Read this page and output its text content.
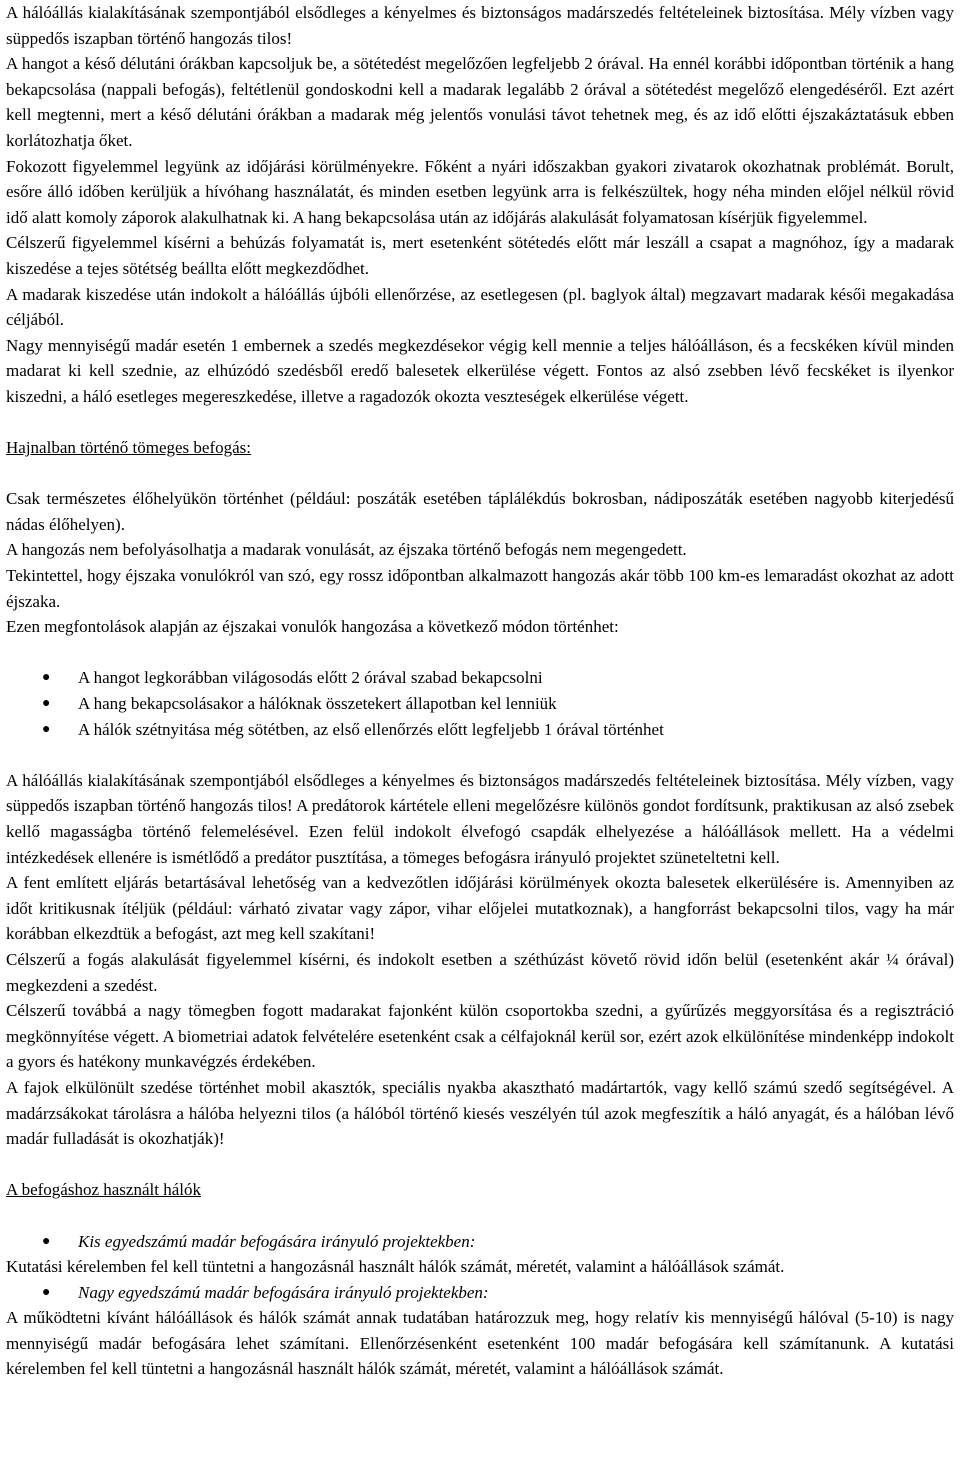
A hálóállás kialakításának szempontjából elsődleges a kényelmes és biztonságos madárszedés feltételeinek biztosítása. Mély vízben vagy süppedős iszapban történő hangozás tilos!

A hangot a késő délutáni órákban kapcsoljuk be, a sötétedést megelőzően legfeljebb 2 órával. Ha ennél korábbi időpontban történik a hang bekapcsolása (nappali befogás), feltétlenül gondoskodni kell a madarak legalább 2 órával a sötétedést megelőző elengedéséről. Ezt azért kell megtenni, mert a késő délutáni órákban a madarak még jelentős vonulási távot tehetnek meg, és az idő előtti éjszakáztatásuk ebben korlátozhatja őket.

Fokozott figyelemmel legyünk az időjárási körülményekre. Főként a nyári időszakban gyakori zivatarok okozhatnak problémát. Borult, esőre álló időben kerüljük a hívóhang használatát, és minden esetben legyünk arra is felkészültek, hogy néha minden előjel nélkül rövid idő alatt komoly záporok alakulhatnak ki. A hang bekapcsolása után az időjárás alakulását folyamatosan kísérjük figyelemmel.

Célszerű figyelemmel kísérni a behúzás folyamatát is, mert esetenként sötétedés előtt már leszáll a csapat a magnóhoz, így a madarak kiszedése a tejes sötétség beállta előtt megkezdődhet.

A madarak kiszedése után indokolt a hálóállás újbóli ellenőrzése, az esetlegesen (pl. baglyok által) megzavart madarak késői megakadása céljából.

Nagy mennyiségű madár esetén 1 embernek a szedés megkezdésekor végig kell mennie a teljes hálóálláson, és a fecskéken kívül minden madarat ki kell szednie, az elhúzódó szedésből eredő balesetek elkerülése végett. Fontos az alsó zsebben lévő fecskéket is ilyenkor kiszedni, a háló esetleges megereszkedése, illetve a ragadozók okozta veszteségek elkerülése végett.

Hajnalban történő tömeges befogás:

Csak természetes élőhelyükön történhet (például: poszáták esetében táplálékdús bokrosban, nádiposzáták esetében nagyobb kiterjedésű nádas élőhelyen).

A hangozás nem befolyásolhatja a madarak vonulását, az éjszaka történő befogás nem megengedett.

Tekintettel, hogy éjszaka vonulókról van szó, egy rossz időpontban alkalmazott hangozás akár több 100 km-es lemaradást okozhat az adott éjszaka.

Ezen megfontolások alapján az éjszakai vonulók hangozása a következő módon történhet:

● A hangot legkorábban világosodás előtt 2 órával szabad bekapcsolni
● A hang bekapcsolásakor a hálóknak összetekert állapotban kel lenniük
● A hálók szétnyitása még sötétben, az első ellenőrzés előtt legfeljebb 1 órával történhet

A hálóállás kialakításának szempontjából elsődleges a kényelmes és biztonságos madárszedés feltételeinek biztosítása. Mély vízben, vagy süppedős iszapban történő hangozás tilos! A predátorok kártétele elleni megelőzésre különös gondot fordítsunk, praktikusan az alsó zsebek kellő magasságba történő felemelésével. Ezen felül indokolt élvefogó csapdák elhelyezése a hálóállások mellett. Ha a védelmi intézkedések ellenére is ismétlődő a predátor pusztítása, a tömeges befogásra irányuló projektet szüneteltetni kell.

A fent említett eljárás betartásával lehetőség van a kedvezőtlen időjárási körülmények okozta balesetek elkerülésére is. Amennyiben az időt kritikusnak ítéljük (például: várható zivatar vagy zápor, vihar előjelei mutatkoznak), a hangforrást bekapcsolni tilos, vagy ha már korábban elkezdtük a befogást, azt meg kell szakítani!

Célszerű a fogás alakulását figyelemmel kísérni, és indokolt esetben a széthúzást követő rövid időn belül (esetenként akár ¼ órával) megkezdeni a szedést.

Célszerű továbbá a nagy tömegben fogott madarakat fajonként külön csoportokba szedni, a gyűrűzés meggyorsítása és a regisztráció megkönnyítése végett. A biometriai adatok felvételére esetenként csak a célfajoknál kerül sor, ezért azok elkülönítése mindenképp indokolt a gyors és hatékony munkavégzés érdekében.

A fajok elkülönült szedése történhet mobil akasztók, speciális nyakba akasztható madártartók, vagy kellő számú szedő segítségével. A madárzsákokat tárolásra a hálóba helyezni tilos (a hálóból történő kiesés veszélyén túl azok megfeszítik a háló anyagát, és a hálóban lévő madár fulladását is okozhatják)!

A befogáshoz használt hálók

● Kis egyedszámú madár befogására irányuló projektekben:

Kutatási kérelemben fel kell tüntetni a hangozásnál használt hálók számát, méretét, valamint a hálóállások számát.

● Nagy egyedszámú madár befogására irányuló projektekben:

A működtetni kívánt hálóállások és hálók számát annak tudatában határozzuk meg, hogy relatív kis mennyiségű hálóval (5-10) is nagy mennyiségű madár befogására lehet számítani. Ellenőrzésenként esetenként 100 madár befogására kell számítanunk. A kutatási kérelemben fel kell tüntetni a hangozásnál használt hálók számát, méretét, valamint a hálóállások számát.
